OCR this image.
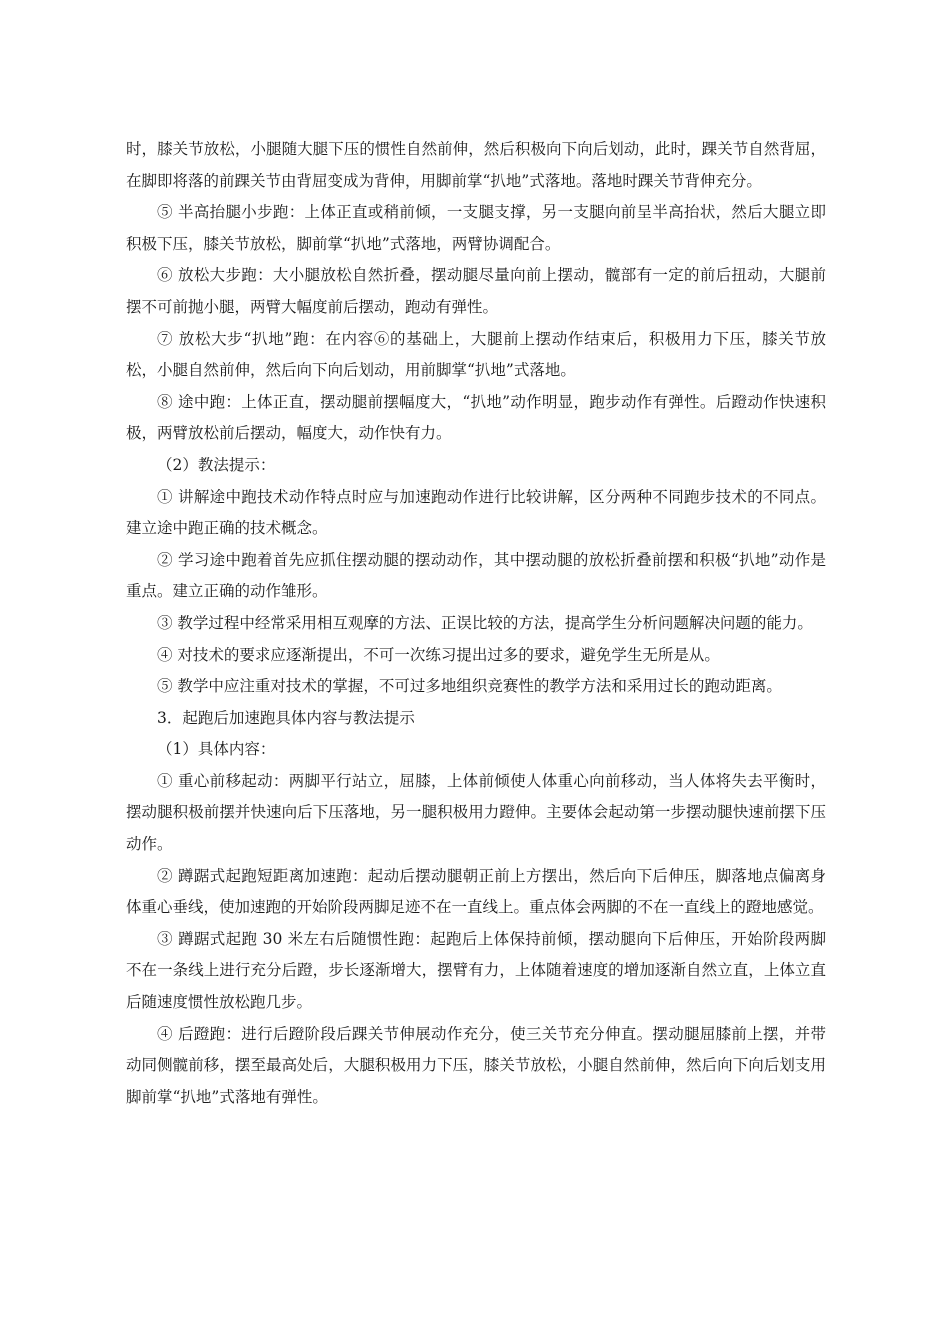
时，膝关节放松，小腿随大腿下压的惯性自然前伸，然后积极向下向后划动，此时，踝关节自然背屈，在脚即将落的前踝关节由背屈变成为背伸，用脚前掌“扒地”式落地。落地时踝关节背伸充分。

⑤ 半高抬腿小步跑：上体正直或稍前倾，一支腿支撑，另一支腿向前呈半高抬状，然后大腿立即积极下压，膝关节放松，脚前掌“扒地”式落地，两臂协调配合。

⑥ 放松大步跑：大小腿放松自然折叠，摆动腿尽量向前上摆动，髋部有一定的前后扭动，大腿前摆不可前抛小腿，两臂大幅度前后摆动，跑动有弹性。

⑦ 放松大步“扒地”跑：在内容⑥的基础上，大腿前上摆动作结束后，积极用力下压，膝关节放松，小腿自然前伸，然后向下向后划动，用前脚掌“扒地”式落地。

⑧ 途中跑：上体正直，摆动腿前摆幅度大，“扒地”动作明显，跑步动作有弹性。后蹬动作快速积极，两臂放松前后摆动，幅度大，动作快有力。

（2）教法提示：

① 讲解途中跑技术动作特点时应与加速跑动作进行比较讲解，区分两种不同跑步技术的不同点。建立途中跑正确的技术概念。

② 学习途中跑着首先应抓住摆动腿的摆动动作，其中摆动腿的放松折叠前摆和积极“扒地”动作是重点。建立正确的动作雏形。

③ 教学过程中经常采用相互观摩的方法、正误比较的方法，提高学生分析问题解决问题的能力。

④ 对技术的要求应逐渐提出，不可一次练习提出过多的要求，避免学生无所是从。

⑤ 教学中应注重对技术的掌握，不可过多地组织竞赛性的教学方法和采用过长的跑动距离。

3．起跑后加速跑具体内容与教法提示

（1）具体内容：

① 重心前移起动：两脚平行站立，屈膝，上体前倾使人体重心向前移动，当人体将失去平衡时，摆动腿积极前摆并快速向后下压落地，另一腿积极用力蹬伸。主要体会起动第一步摆动腿快速前摆下压动作。

② 蹲踞式起跑短距离加速跑：起动后摆动腿朝正前上方摆出，然后向下后伸压，脚落地点偏离身体重心垂线，使加速跑的开始阶段两脚足迹不在一直线上。重点体会两脚的不在一直线上的蹬地感觉。

③ 蹲踞式起跑 30 米左右后随惯性跑：起跑后上体保持前倾，摆动腿向下后伸压，开始阶段两脚不在一条线上进行充分后蹬，步长逐渐增大，摆臂有力，上体随着速度的增加逐渐自然立直，上体立直后随速度惯性放松跑几步。

④ 后蹬跑：进行后蹬阶段后踝关节伸展动作充分，使三关节充分伸直。摆动腿屈膝前上摆，并带动同侧髋前移，摆至最高处后，大腿积极用力下压，膝关节放松，小腿自然前伸，然后向下向后划支用脚前掌“扒地”式落地有弹性。
